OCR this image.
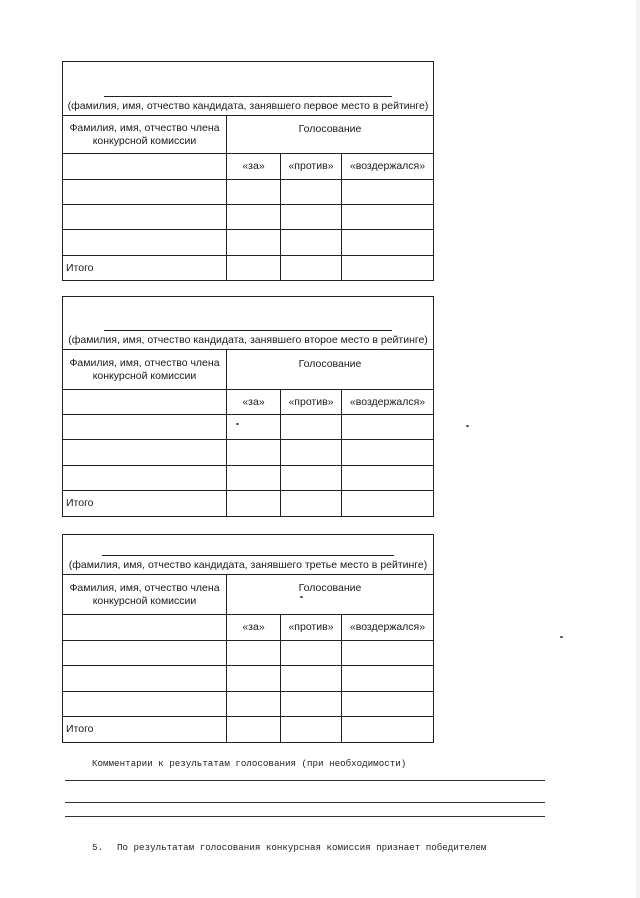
(фамилия, имя, отчество кандидата, занявшего первое место в рейтинге)			

Фамилия, имя, отчество члена конкурсной комиссии	Голосование		
	«за»	«против»	«воздержался»

Итого			
(фамилия, имя, отчество кандидата, занявшего второе место в рейтинге)			

Фамилия, имя, отчество члена конкурсной комиссии	Голосование		
	«за»	«против»	«воздержался»

Итого			
(фамилия, имя, отчество кандидата, занявшего третье место в рейтинге)			

Фамилия, имя, отчество члена конкурсной комиссии	Голосование		
	«за»	«против»	«воздержался»

Итого			
Комментарии к результатам голосования (при необходимости)
5. По результатам голосования конкурсная комиссия признает победителем
